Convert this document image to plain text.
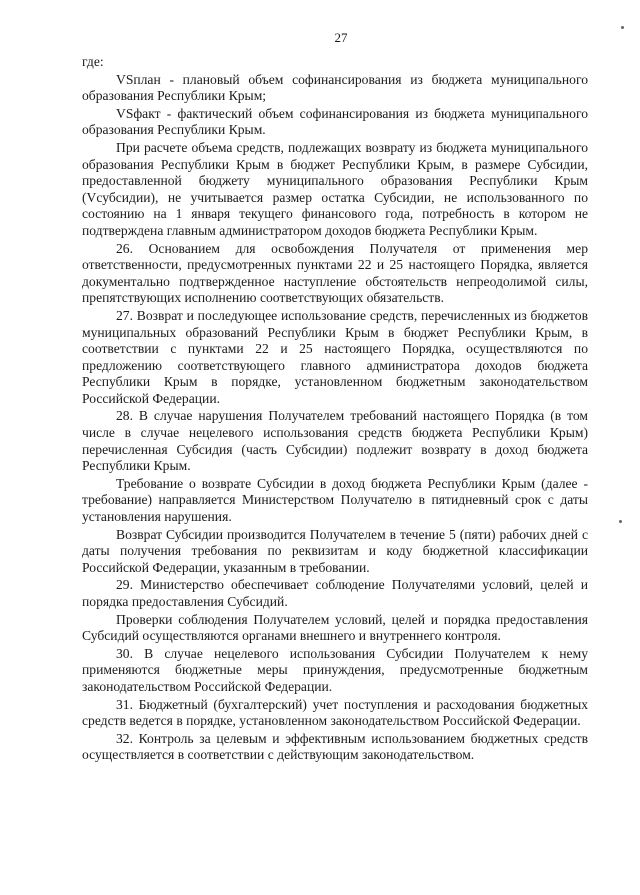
27

где:

VSплан - плановый объем софинансирования из бюджета муниципального образования Республики Крым;

VSфакт - фактический объем софинансирования из бюджета муниципального образования Республики Крым.

При расчете объема средств, подлежащих возврату из бюджета муниципального образования Республики Крым в бюджет Республики Крым, в размере Субсидии, предоставленной бюджету муниципального образования Республики Крым (Vсубсидии), не учитывается размер остатка Субсидии, не использованного по состоянию на 1 января текущего финансового года, потребность в котором не подтверждена главным администратором доходов бюджета Республики Крым.

26. Основанием для освобождения Получателя от применения мер ответственности, предусмотренных пунктами 22 и 25 настоящего Порядка, является документально подтвержденное наступление обстоятельств непреодолимой силы, препятствующих исполнению соответствующих обязательств.

27. Возврат и последующее использование средств, перечисленных из бюджетов муниципальных образований Республики Крым в бюджет Республики Крым, в соответствии с пунктами 22 и 25 настоящего Порядка, осуществляются по предложению соответствующего главного администратора доходов бюджета Республики Крым в порядке, установленном бюджетным законодательством Российской Федерации.

28. В случае нарушения Получателем требований настоящего Порядка (в том числе в случае нецелевого использования средств бюджета Республики Крым) перечисленная Субсидия (часть Субсидии) подлежит возврату в доход бюджета Республики Крым.

Требование о возврате Субсидии в доход бюджета Республики Крым (далее - требование) направляется Министерством Получателю в пятидневный срок с даты установления нарушения.

Возврат Субсидии производится Получателем в течение 5 (пяти) рабочих дней с даты получения требования по реквизитам и коду бюджетной классификации Российской Федерации, указанным в требовании.

29. Министерство обеспечивает соблюдение Получателями условий, целей и порядка предоставления Субсидий.

Проверки соблюдения Получателем условий, целей и порядка предоставления Субсидий осуществляются органами внешнего и внутреннего контроля.

30. В случае нецелевого использования Субсидии Получателем к нему применяются бюджетные меры принуждения, предусмотренные бюджетным законодательством Российской Федерации.

31. Бюджетный (бухгалтерский) учет поступления и расходования бюджетных средств ведется в порядке, установленном законодательством Российской Федерации.

32. Контроль за целевым и эффективным использованием бюджетных средств осуществляется в соответствии с действующим законодательством.
